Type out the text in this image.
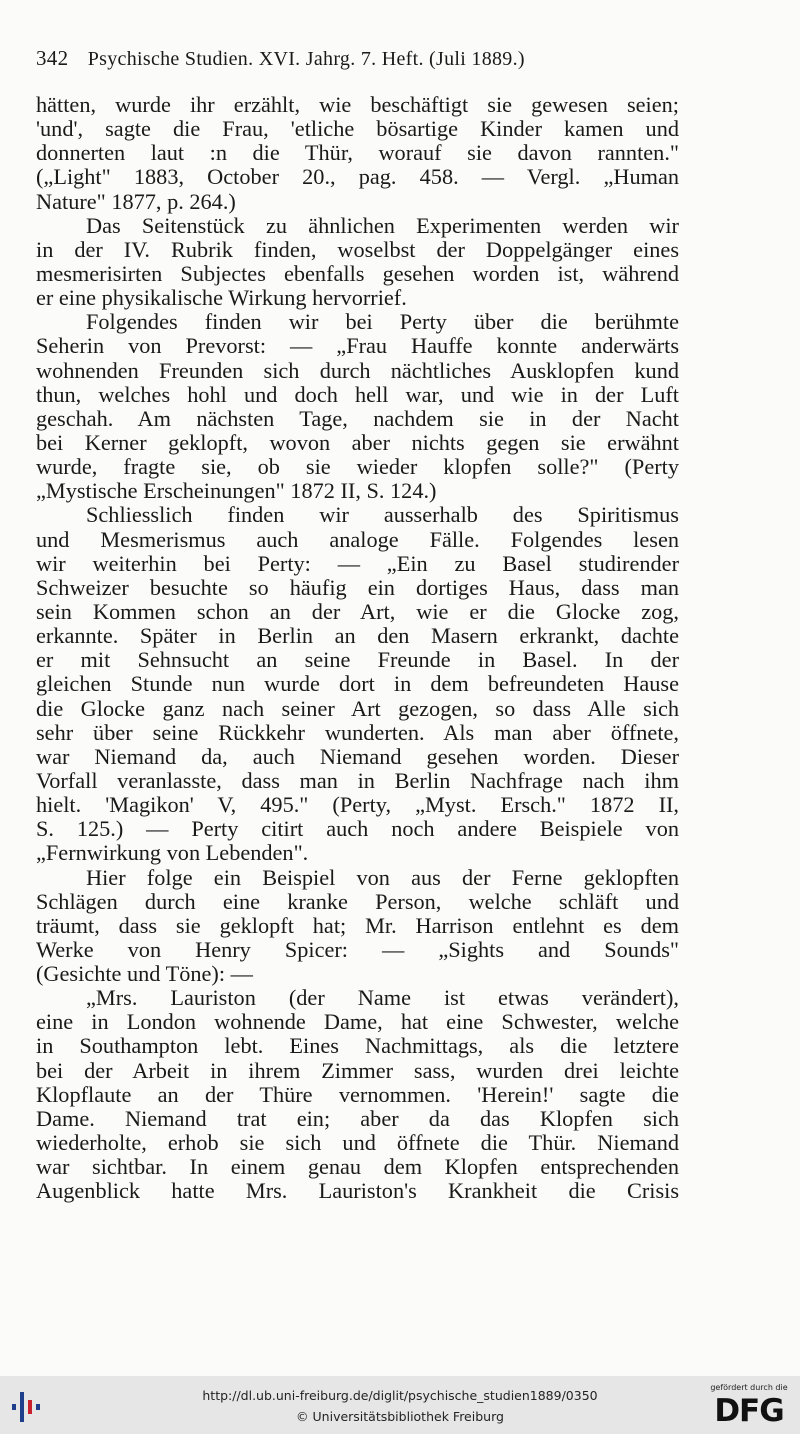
342 Psychische Studien. XVI. Jahrg. 7. Heft. (Juli 1889.)
hätten, wurde ihr erzählt, wie beschäftigt sie gewesen seien;
'und', sagte die Frau, 'etliche bösartige Kinder kamen und
donnerten laut :n die Thür, worauf sie davon rannten."
(„Light" 1883, October 20., pag. 458. — Vergl. „Human
Nature" 1877, p. 264.)
Das Seitenstück zu ähnlichen Experimenten werden wir
in der IV. Rubrik finden, woselbst der Doppelgänger eines
mesmerisirten Subjectes ebenfalls gesehen worden ist, während
er eine physikalische Wirkung hervorrief.
Folgendes finden wir bei Perty über die berühmte
Seherin von Prevorst: — „Frau Hauffe konnte anderwärts
wohnenden Freunden sich durch nächtliches Ausklopfen kund
thun, welches hohl und doch hell war, und wie in der Luft
geschah. Am nächsten Tage, nachdem sie in der Nacht
bei Kerner geklopft, wovon aber nichts gegen sie erwähnt
wurde, fragte sie, ob sie wieder klopfen solle?" (Perty
„Mystische Erscheinungen" 1872 II, S. 124.)
Schliesslich finden wir ausserhalb des Spiritismus
und Mesmerismus auch analoge Fälle. Folgendes lesen
wir weiterhin bei Perty: — „Ein zu Basel studirender
Schweizer besuchte so häufig ein dortiges Haus, dass man
sein Kommen schon an der Art, wie er die Glocke zog,
erkannte. Später in Berlin an den Masern erkrankt, dachte
er mit Sehnsucht an seine Freunde in Basel. In der
gleichen Stunde nun wurde dort in dem befreundeten Hause
die Glocke ganz nach seiner Art gezogen, so dass Alle sich
sehr über seine Rückkehr wunderten. Als man aber öffnete,
war Niemand da, auch Niemand gesehen worden. Dieser
Vorfall veranlasste, dass man in Berlin Nachfrage nach ihm
hielt. 'Magikon' V, 495." (Perty, „Myst. Ersch." 1872 II,
S. 125.) — Perty citirt auch noch andere Beispiele von
„Fernwirkung von Lebenden".
Hier folge ein Beispiel von aus der Ferne geklopften
Schlägen durch eine kranke Person, welche schläft und
träumt, dass sie geklopft hat; Mr. Harrison entlehnt es dem
Werke von Henry Spicer: — „Sights and Sounds"
(Gesichte und Töne): —
„Mrs. Lauriston (der Name ist etwas verändert),
eine in London wohnende Dame, hat eine Schwester, welche
in Southampton lebt. Eines Nachmittags, als die letztere
bei der Arbeit in ihrem Zimmer sass, wurden drei leichte
Klopflaute an der Thüre vernommen. 'Herein!' sagte die
Dame. Niemand trat ein; aber da das Klopfen sich
wiederholte, erhob sie sich und öffnete die Thür. Niemand
war sichtbar. In einem genau dem Klopfen entsprechenden
Augenblick hatte Mrs. Lauriston's Krankheit die Crisis
http://dl.ub.uni-freiburg.de/diglit/psychische_studien1889/0350
© Universitätsbibliothek Freiburg
gefördert durch die
DFG
